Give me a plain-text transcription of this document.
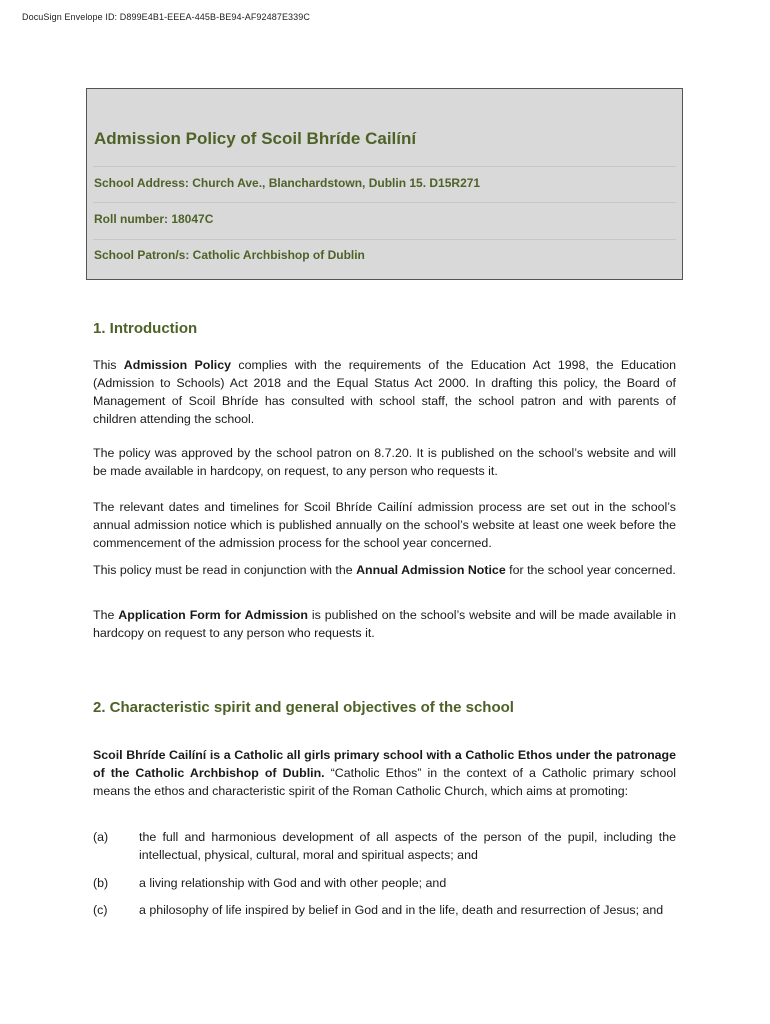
DocuSign Envelope ID: D899E4B1-EEEA-445B-BE94-AF92487E339C
Admission Policy of Scoil Bhríde Cailíní
School Address: Church Ave., Blanchardstown, Dublin 15. D15R271
Roll number: 18047C
School Patron/s: Catholic Archbishop of Dublin
1. Introduction
This Admission Policy complies with the requirements of the Education Act 1998, the Education (Admission to Schools) Act 2018 and the Equal Status Act 2000. In drafting this policy, the Board of Management of Scoil Bhríde has consulted with school staff, the school patron and with parents of children attending the school.
The policy was approved by the school patron on 8.7.20. It is published on the school’s website and will be made available in hardcopy, on request, to any person who requests it.
The relevant dates and timelines for Scoil Bhríde Cailíní admission process are set out in the school’s annual admission notice which is published annually on the school’s website at least one week before the commencement of the admission process for the school year concerned.
This policy must be read in conjunction with the Annual Admission Notice for the school year concerned.
The Application Form for Admission is published on the school’s website and will be made available in hardcopy on request to any person who requests it.
2. Characteristic spirit and general objectives of the school
Scoil Bhríde Cailíní is a Catholic all girls primary school with a Catholic Ethos under the patronage of the Catholic Archbishop of Dublin. “Catholic Ethos” in the context of a Catholic primary school means the ethos and characteristic spirit of the Roman Catholic Church, which aims at promoting:
(a) the full and harmonious development of all aspects of the person of the pupil, including the intellectual, physical, cultural, moral and spiritual aspects; and
(b) a living relationship with God and with other people; and
(c)	a philosophy of life inspired by belief in God and in the life, death and resurrection of Jesus; and
